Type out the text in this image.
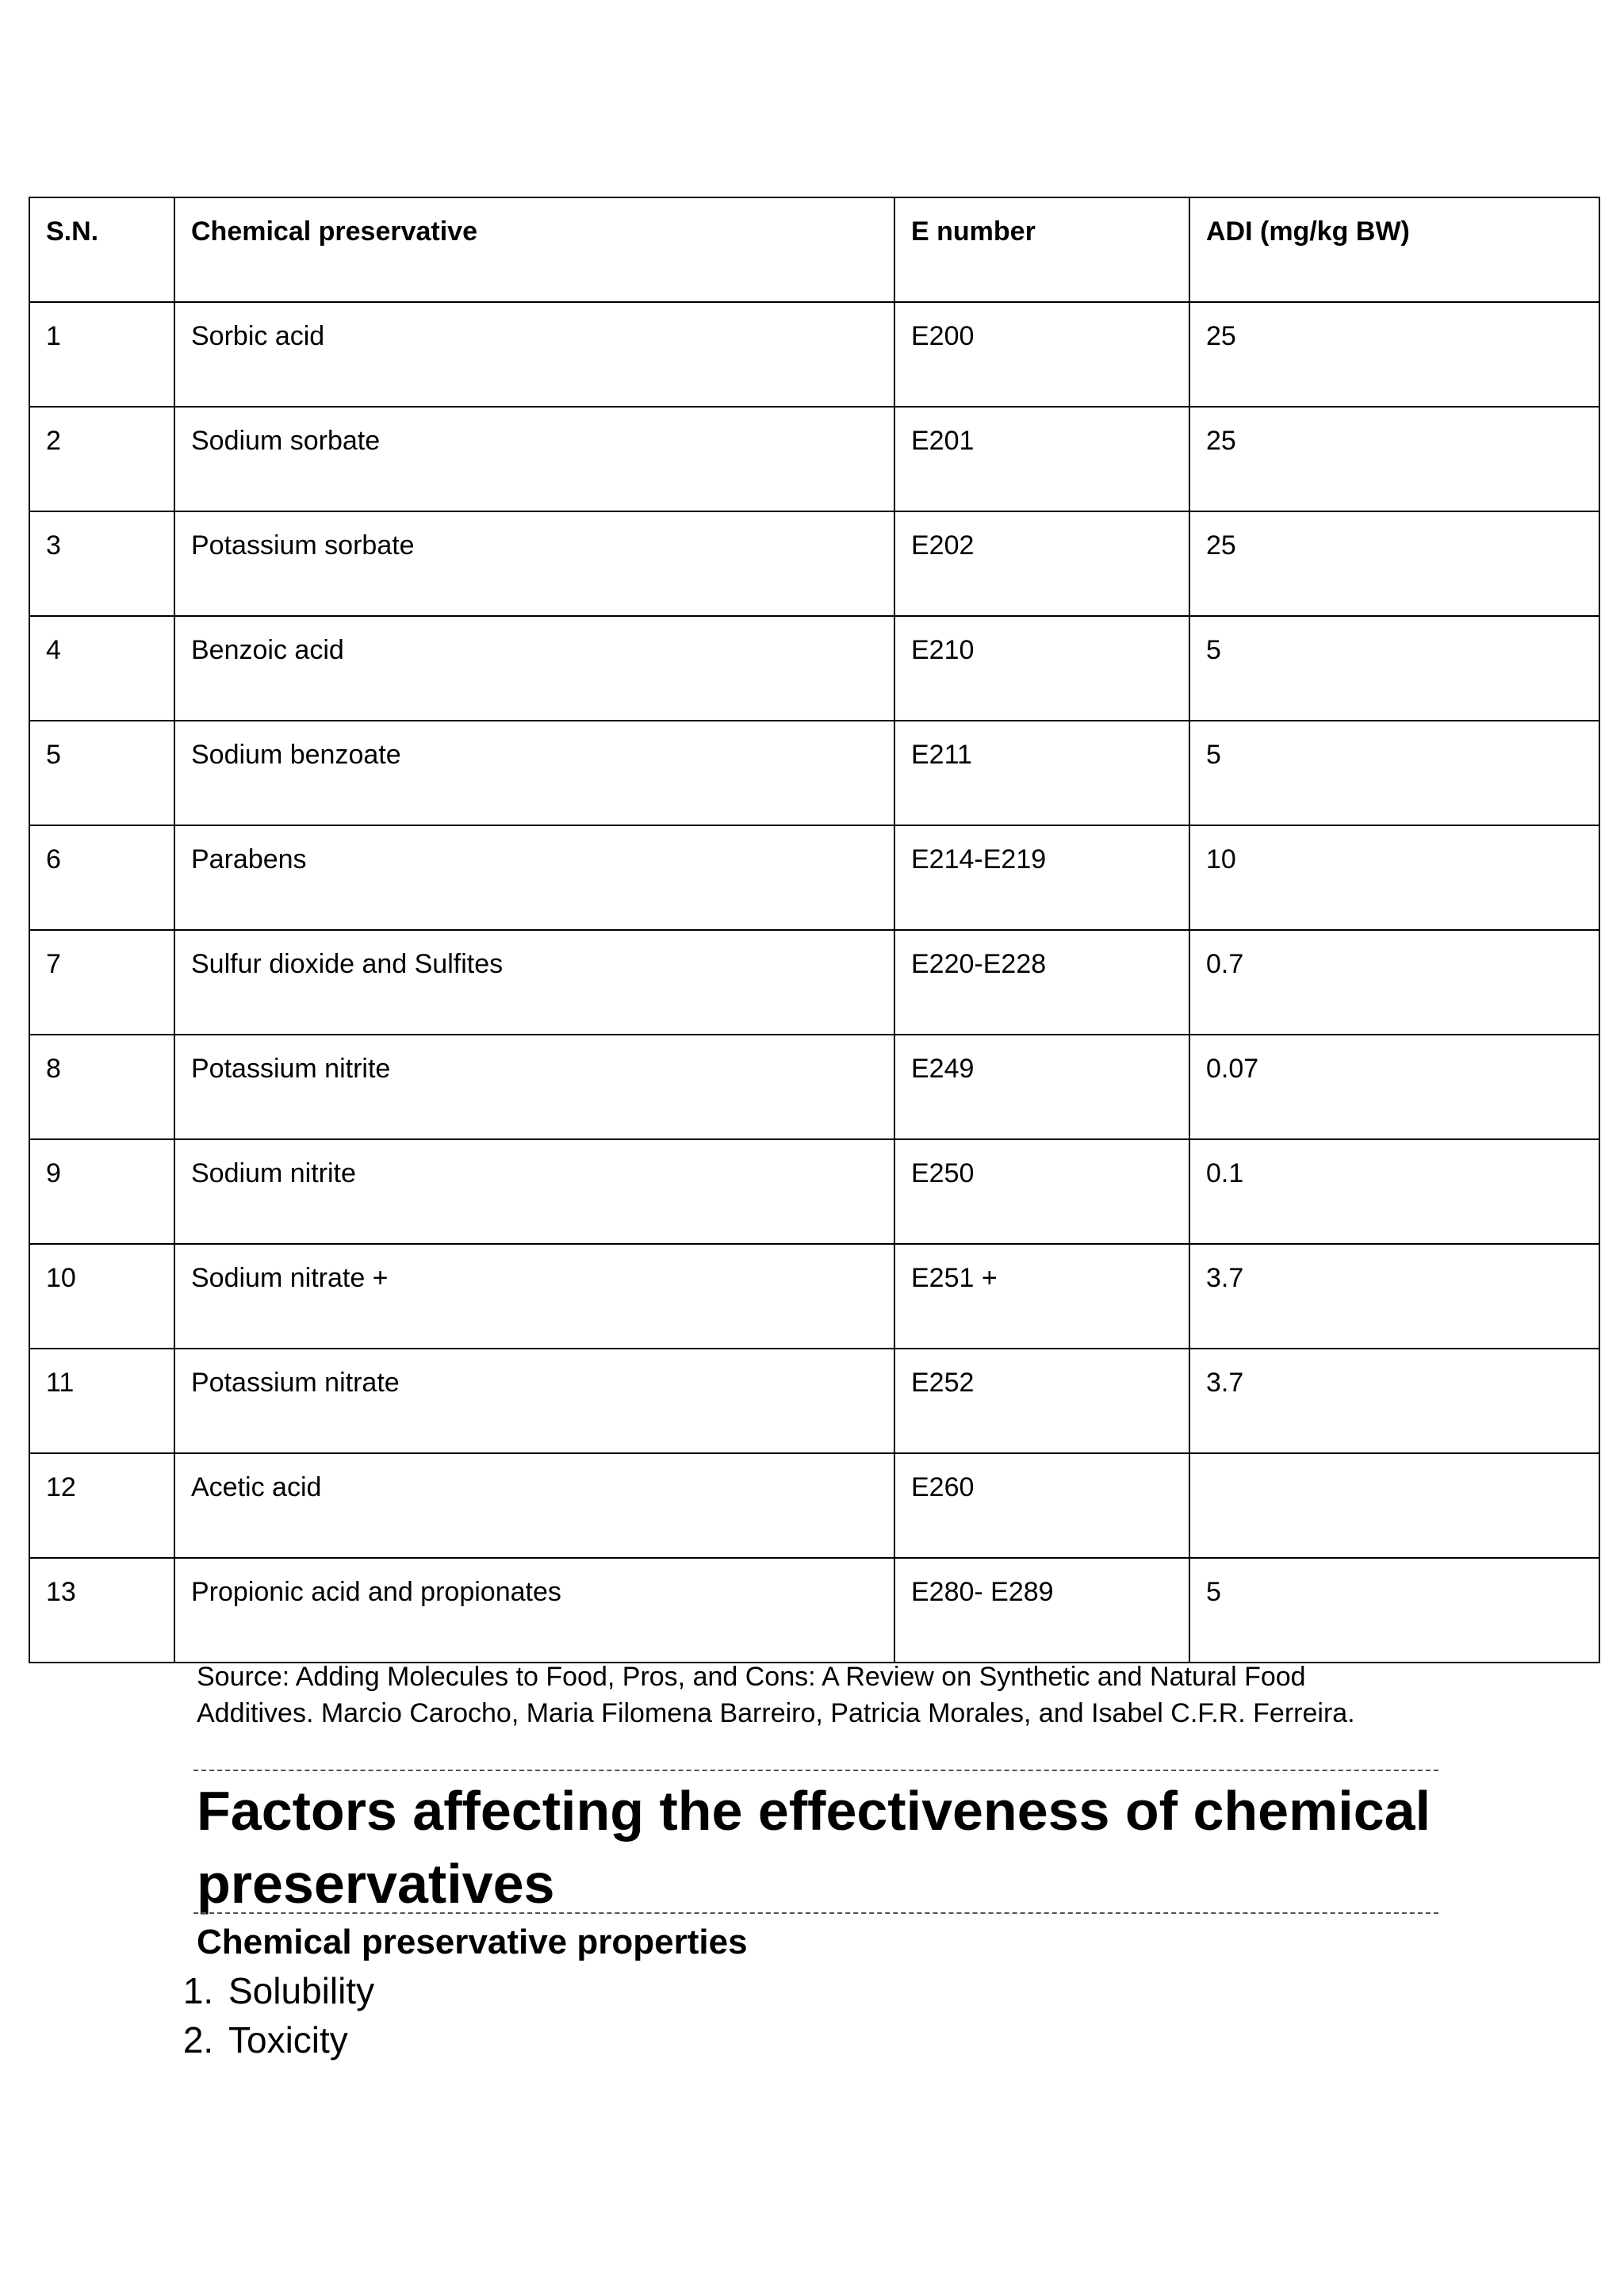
S.N.	Chemical preservative	E number	ADI (mg/kg BW)
1	Sorbic acid	E200	25
2	Sodium sorbate	E201	25
3	Potassium sorbate	E202	25
4	Benzoic acid	E210	5
5	Sodium benzoate	E211	5
6	Parabens	E214-E219	10
7	Sulfur dioxide and Sulfites	E220-E228	0.7
8	Potassium nitrite	E249	0.07
9	Sodium nitrite	E250	0.1
10	Sodium nitrate +	E251 +	3.7
11	Potassium nitrate	E252	3.7
12	Acetic acid	E260	
13	Propionic acid and propionates	E280- E289	5
Source: Adding Molecules to Food, Pros, and Cons: A Review on Synthetic and Natural Food
Additives. Marcio Carocho, Maria Filomena Barreiro, Patricia Morales, and Isabel C.F.R. Ferreira.
Factors affecting the effectiveness of chemical preservatives
Chemical preservative properties
1. Solubility
2. Toxicity
